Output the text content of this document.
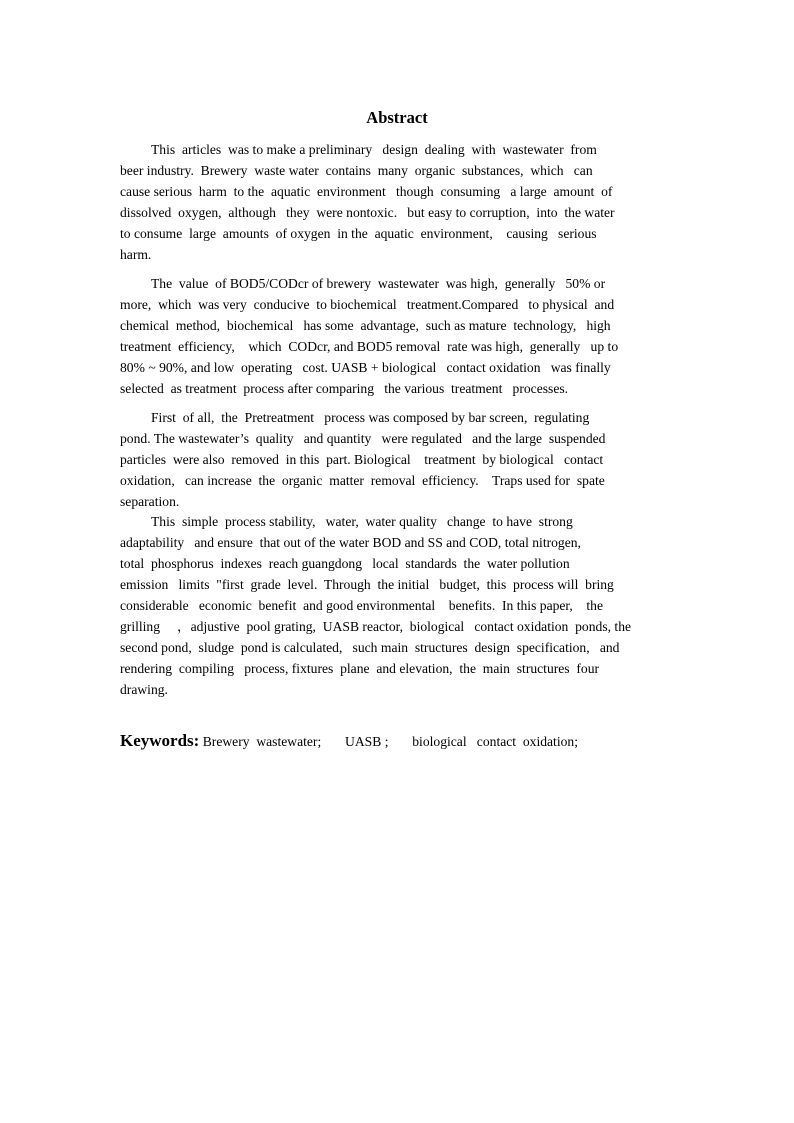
Abstract
This  articles  was to make a preliminary   design  dealing  with  wastewater  from
beer industry.  Brewery  waste water  contains  many  organic  substances,  which   can
cause serious  harm  to the  aquatic  environment   though  consuming   a large  amount  of
dissolved  oxygen,  although   they  were nontoxic.   but easy to corruption,  into  the water
to consume  large  amounts  of oxygen  in the  aquatic  environment,    causing   serious
harm.
The  value  of BOD5/CODcr of brewery  wastewater  was high,  generally   50% or
more,  which  was very  conducive  to biochemical   treatment.Compared   to physical  and
chemical  method,  biochemical   has some  advantage,  such as mature  technology,   high
treatment  efficiency,    which  CODcr, and BOD5 removal  rate was high,  generally   up to
80% ~ 90%, and low  operating   cost. UASB + biological   contact oxidation   was finally
selected  as treatment  process after comparing   the various  treatment   processes.
First  of all,  the  Pretreatment   process was composed by bar screen,  regulating
pond. The wastewater’s  quality   and quantity   were regulated   and the large  suspended
particles  were also  removed  in this  part. Biological    treatment  by biological   contact
oxidation,   can increase  the  organic  matter  removal  efficiency.    Traps used for  spate
separation.
This  simple  process stability,   water,  water quality   change  to have  strong
adaptability   and ensure  that out of the water BOD and SS and COD, total nitrogen,
total  phosphorus  indexes  reach guangdong   local  standards  the  water pollution
emission   limits  "first  grade  level.  Through  the initial   budget,  this  process will  bring
considerable   economic  benefit  and good environmental    benefits.  In this paper,    the
grilling     ，adjustive  pool grating,  UASB reactor,  biological   contact oxidation  ponds, the
second pond,  sludge  pond is calculated,   such main  structures  design  specification,   and
rendering  compiling   process, fixtures  plane  and elevation,  the  main  structures  four
drawing.
Keywords: Brewery  wastewater;       UASB ;       biological   contact  oxidation;
